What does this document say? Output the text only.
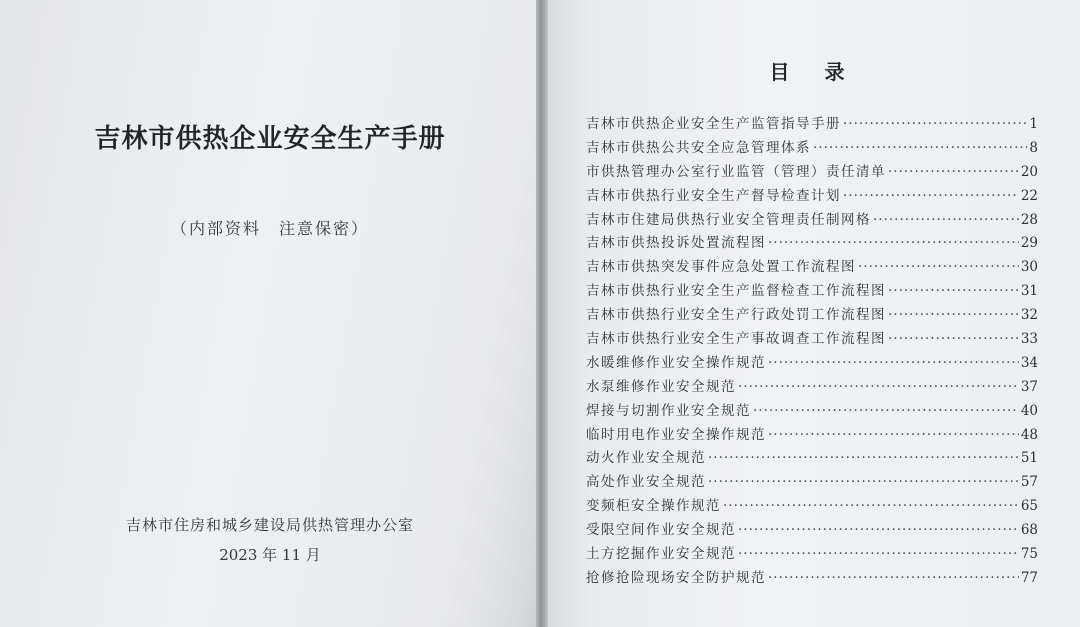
吉林市供热企业安全生产手册
（内部资料　注意保密）
吉林市住房和城乡建设局供热管理办公室
2023 年 11 月
目 录
吉林市供热企业安全生产监管指导手册 ·····	1
吉林市供热公共安全应急管理体系 ·····	8
市供热管理办公室行业监管（管理）责任清单 ·····	20
吉林市供热行业安全生产督导检查计划 ·····	22
吉林市住建局供热行业安全管理责任制网格 ·····	28
吉林市供热投诉处置流程图 ·····	29
吉林市供热突发事件应急处置工作流程图 ·····	30
吉林市供热行业安全生产监督检查工作流程图 ·····	31
吉林市供热行业安全生产行政处罚工作流程图 ·····	32
吉林市供热行业安全生产事故调查工作流程图 ·····	33
水暖维修作业安全操作规范 ·····	34
水泵维修作业安全规范 ·····	37
焊接与切割作业安全规范 ·····	40
临时用电作业安全操作规范 ·····	48
动火作业安全规范 ·····	51
高处作业安全规范 ·····	57
变频柜安全操作规范 ·····	65
受限空间作业安全规范 ·····	68
土方挖掘作业安全规范 ·····	75
抢修抢险现场安全防护规范 ·····	77
